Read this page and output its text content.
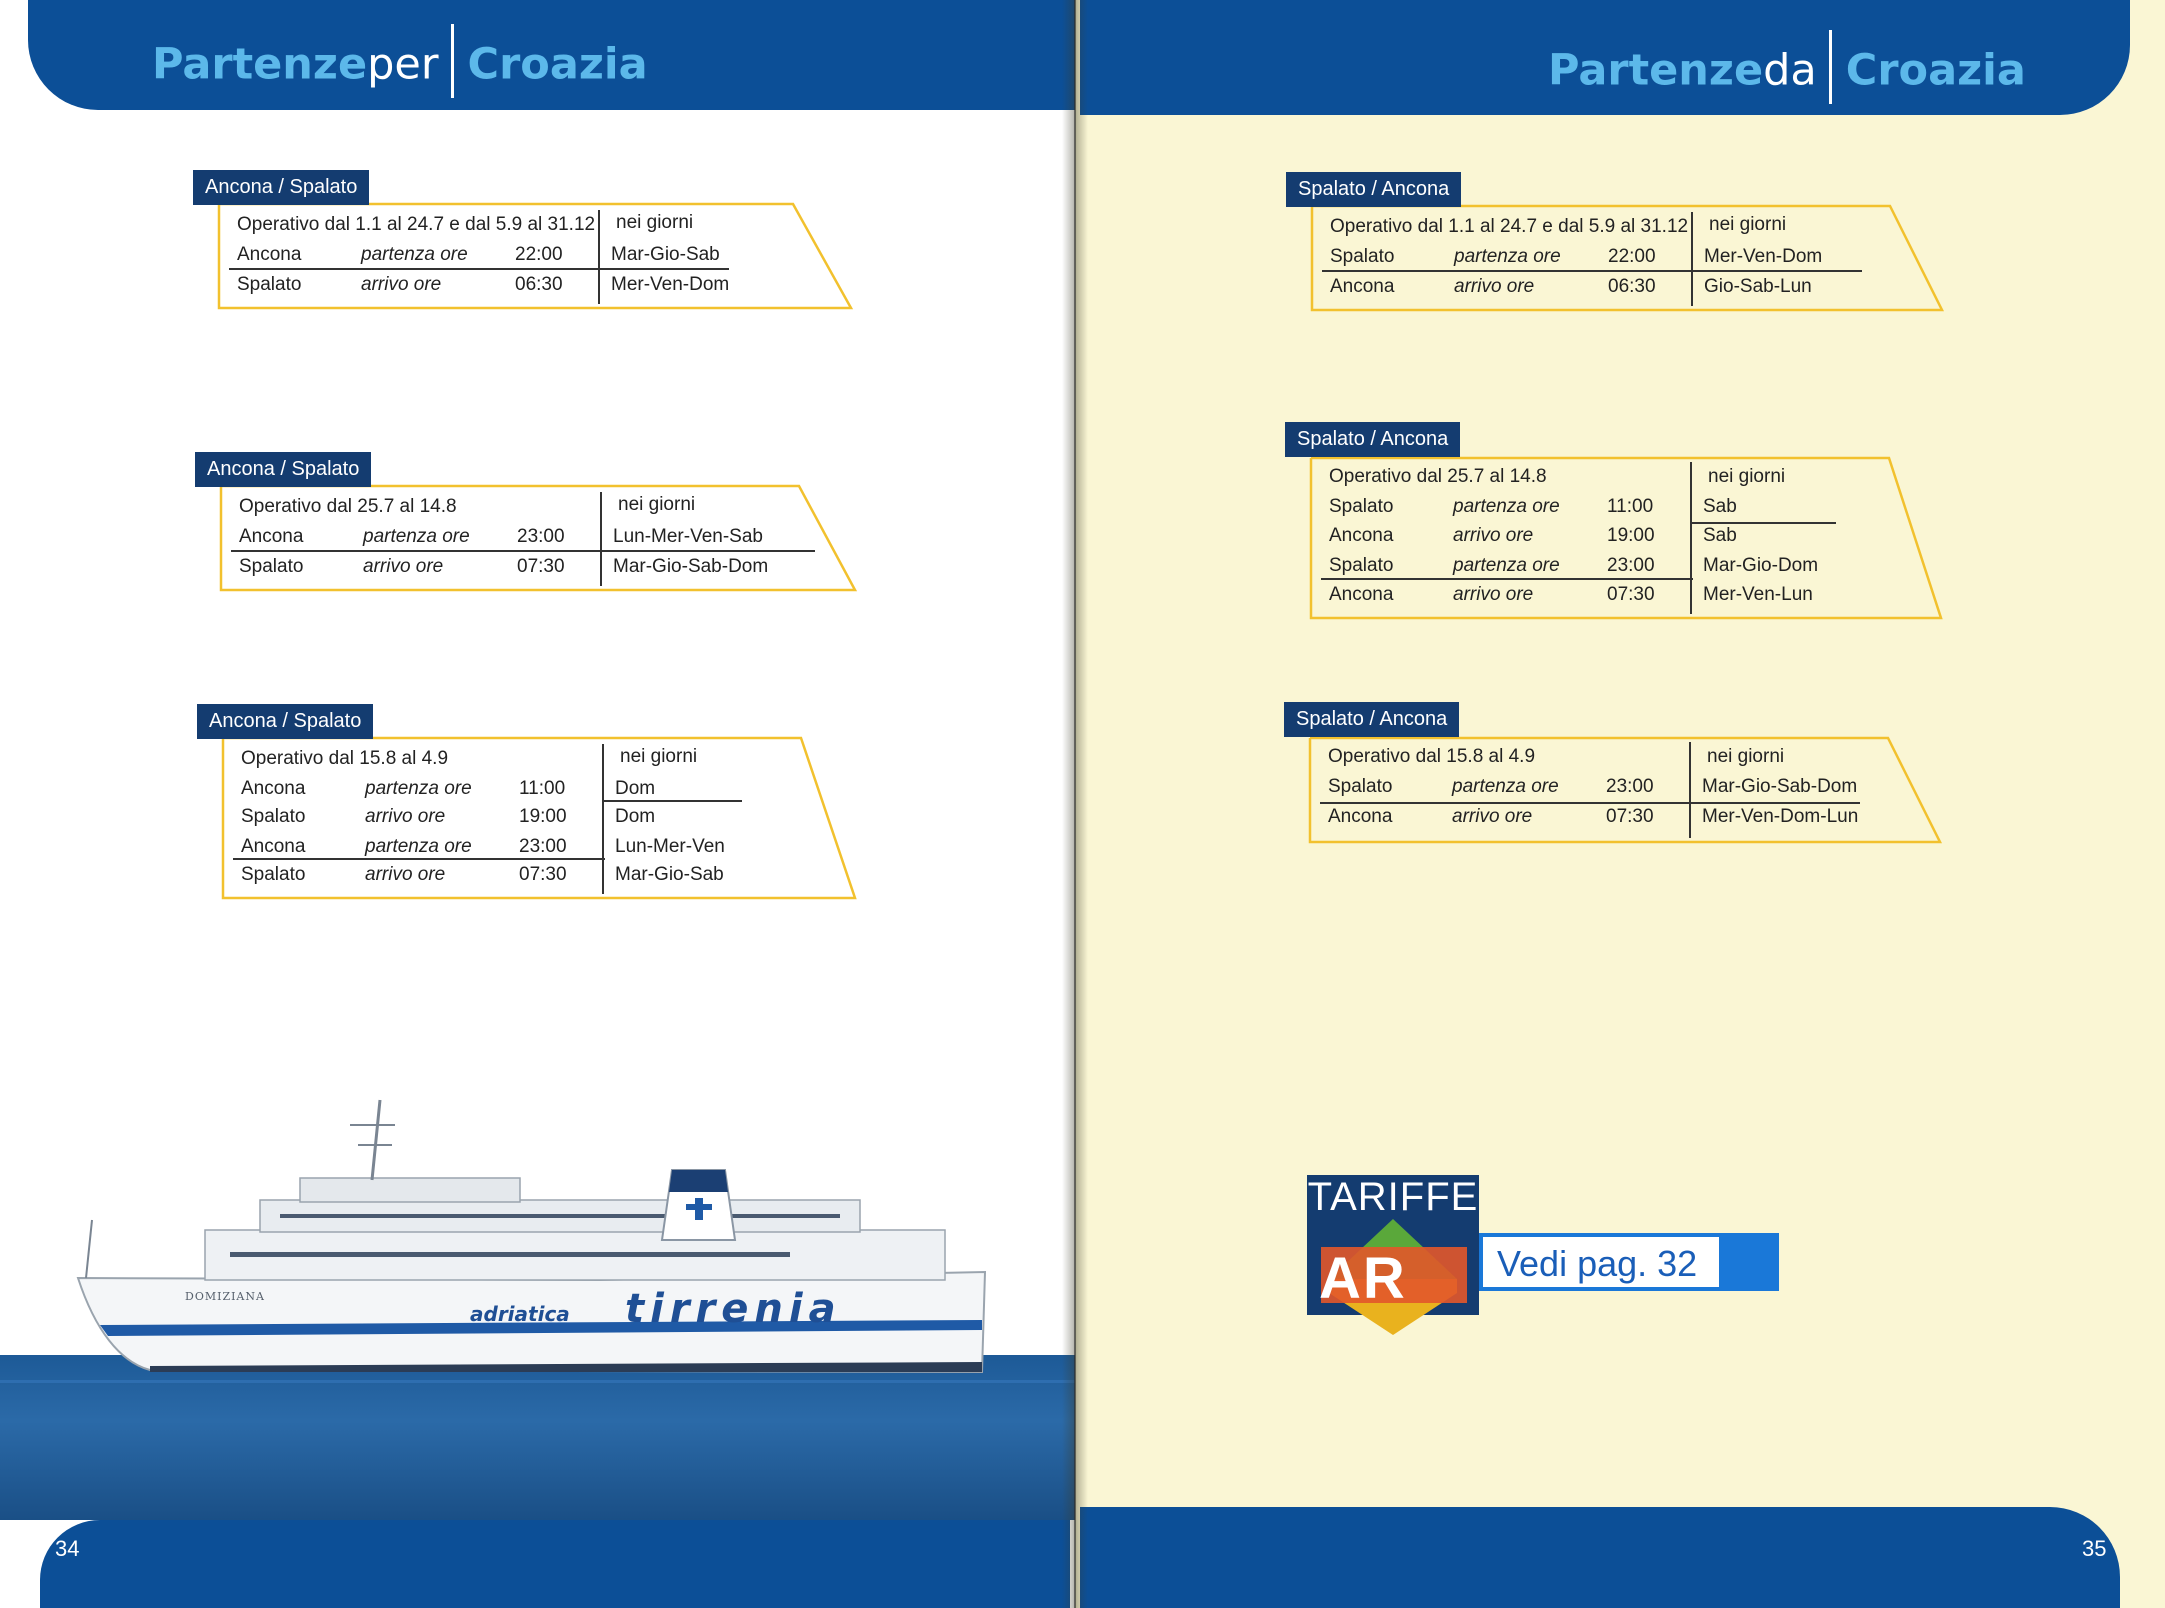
Partenzeper Croazia
Ancona / Spalato
Operativo dal 1.1 al 24.7 e dal 5.9 al 31.12 nei giorni
Ancona	partenza ore 22:00	Mar-Gio-Sab
Spalato	arrivo ore	06:30	Mer-Ven-Dom
Ancona / Spalato
Operativo dal 25.7 al 14.8	nei giorni
Ancona	partenza ore 23:00	Lun-Mer-Ven-Sab
Spalato	arrivo ore	07:30	Mar-Gio-Sab-Dom
Ancona / Spalato
Operativo dal 15.8 al 4.9	nei giorni
Ancona	partenza ore 11:00	Dom
Spalato	arrivo ore	19:00	Dom
Ancona	partenza ore 23:00	Lun-Mer-Ven
Spalato	arrivo ore	07:30	Mar-Gio-Sab
DOMIZIANA
adriatica tirrenia
34	35
Partenzeda Croazia
Spalato / Ancona
Operativo dal 1.1 al 24.7 e dal 5.9 al 31.12 nei giorni
Spalato	partenza ore 22:00	Mer-Ven-Dom
Ancona	arrivo ore	06:30	Gio-Sab-Lun
Spalato / Ancona
Operativo dal 25.7 al 14.8	nei giorni
Spalato	partenza ore 11:00	Sab
Ancona	arrivo ore	19:00	Sab
Spalato	partenza ore 23:00	Mar-Gio-Dom
Ancona	arrivo ore	07:30	Mer-Ven-Lun
Spalato / Ancona
Operativo dal 15.8 al 4.9	nei giorni
Spalato	partenza ore 23:00	Mar-Gio-Sab-Dom
Ancona	arrivo ore	07:30	Mer-Ven-Dom-Lun
TARIFFE
AR	Vedi pag. 32
